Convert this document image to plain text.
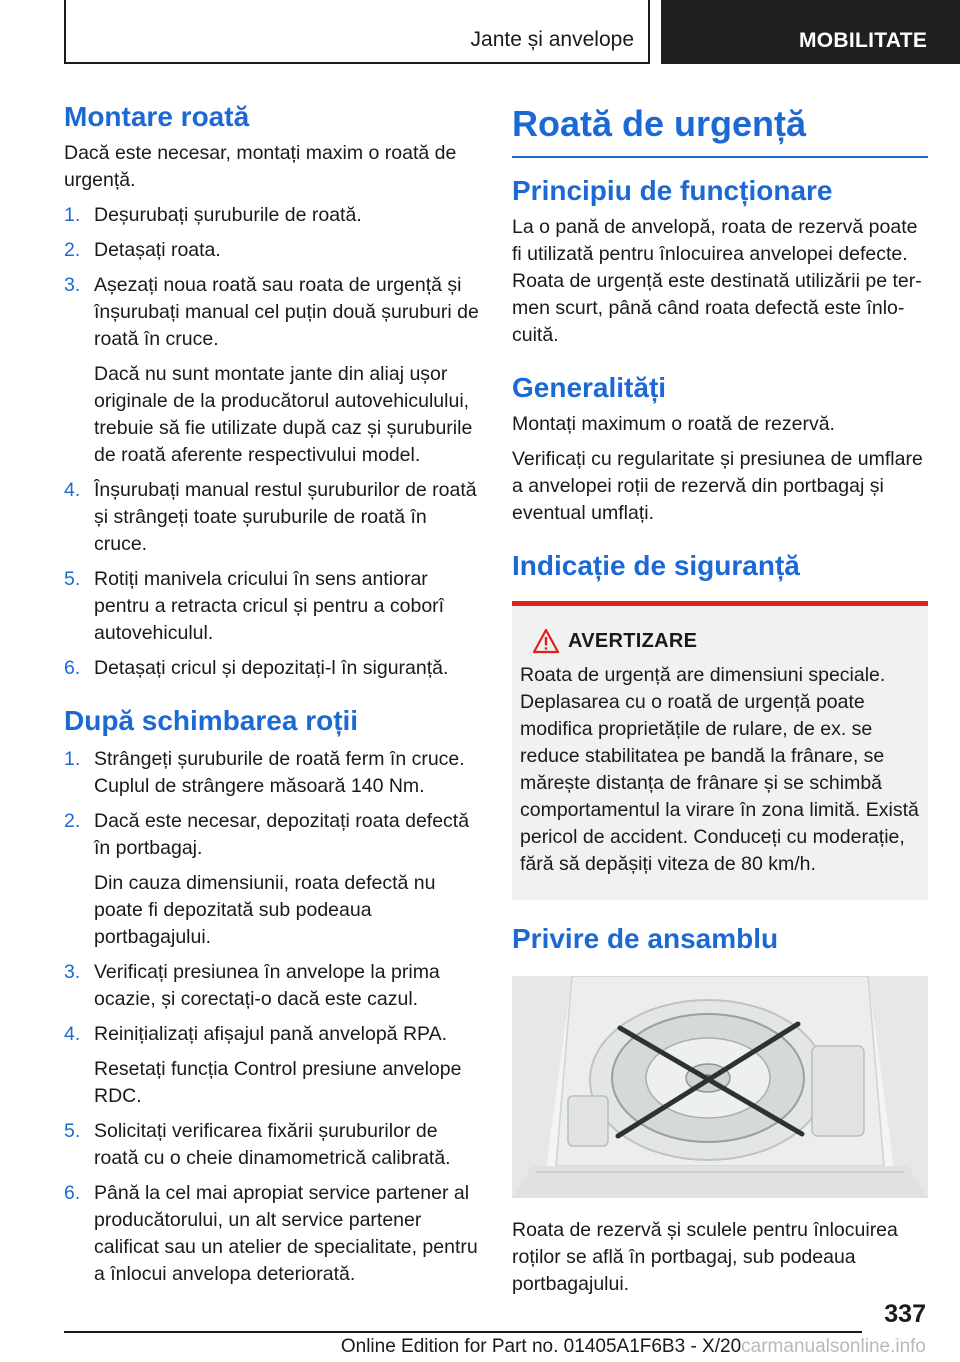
Jante și anvelope	MOBILITATE
Montare roată

Dacă este necesar, montați maxim o roată de urgență.

1. Deșurubați șuruburile de roată.
2. Detașați roata.
3. Așezați noua roată sau roata de urgență și înșurubați manual cel puțin două șuruburi de roată în cruce.

Dacă nu sunt montate jante din aliaj ușor originale de la producătorul autovehiculului, trebuie să fie utilizate după caz și șuruburile de roată aferente respectivului model.

4. Înșurubați manual restul șuruburilor de roată și strângeți toate șuruburile de roată în cruce.
5. Rotiți manivela cricului în sens antiorar pentru a retracta cricul și pentru a coborî autovehiculul.
6. Detașați cricul și depozitați-l în siguranță.
După schimbarea roții
1. Strângeți șuruburile de roată ferm în cruce. Cuplul de strângere măsoară 140 Nm.
2. Dacă este necesar, depozitați roata defectă în portbagaj.

Din cauza dimensiunii, roata defectă nu poate fi depozitată sub podeaua portbagajului.

3. Verificați presiunea în anvelope la prima ocazie, și corectați-o dacă este cazul.
4. Reinițializați afișajul pană anvelopă RPA.

Resetați funcția Control presiune anvelope RDC.

5. Solicitați verificarea fixării șuruburilor de roată cu o cheie dinamometrică calibrată.
6. Până la cel mai apropiat service partener al producătorului, un alt service partener calificat sau un atelier de specialitate, pentru a înlocui anvelopa deteriorată.
Roată de urgență
Principiu de funcționare

La o pană de anvelopă, roata de rezervă poate fi utilizată pentru înlocuirea anvelopei defecte. Roata de urgență este destinată utilizării pe termen scurt, până când roata defectă este înlocuită.

Generalități

Montați maximum o roată de rezervă.

Verificați cu regularitate și presiunea de umflare a anvelopei roții de rezervă din portbagaj și eventual umflați.

Indicație de siguranță
AVERTIZARE

Roata de urgență are dimensiuni speciale. Deplasarea cu o roată de urgență poate modifica proprietățile de rulare, de ex. se reduce stabilitatea pe bandă la frânare, se mărește distanța de frânare și se schimbă comportamentul la virare în zona limită. Există pericol de accident. Conduceți cu moderație, fără să depășiți viteza de 80 km/h.

Privire de ansamblu

Roata de rezervă și sculele pentru înlocuirea roților se află în portbagaj, sub podeaua portbagajului.

337
Online Edition for Part no. 01405A1F6B3 - X/20carmanualsonline.info
